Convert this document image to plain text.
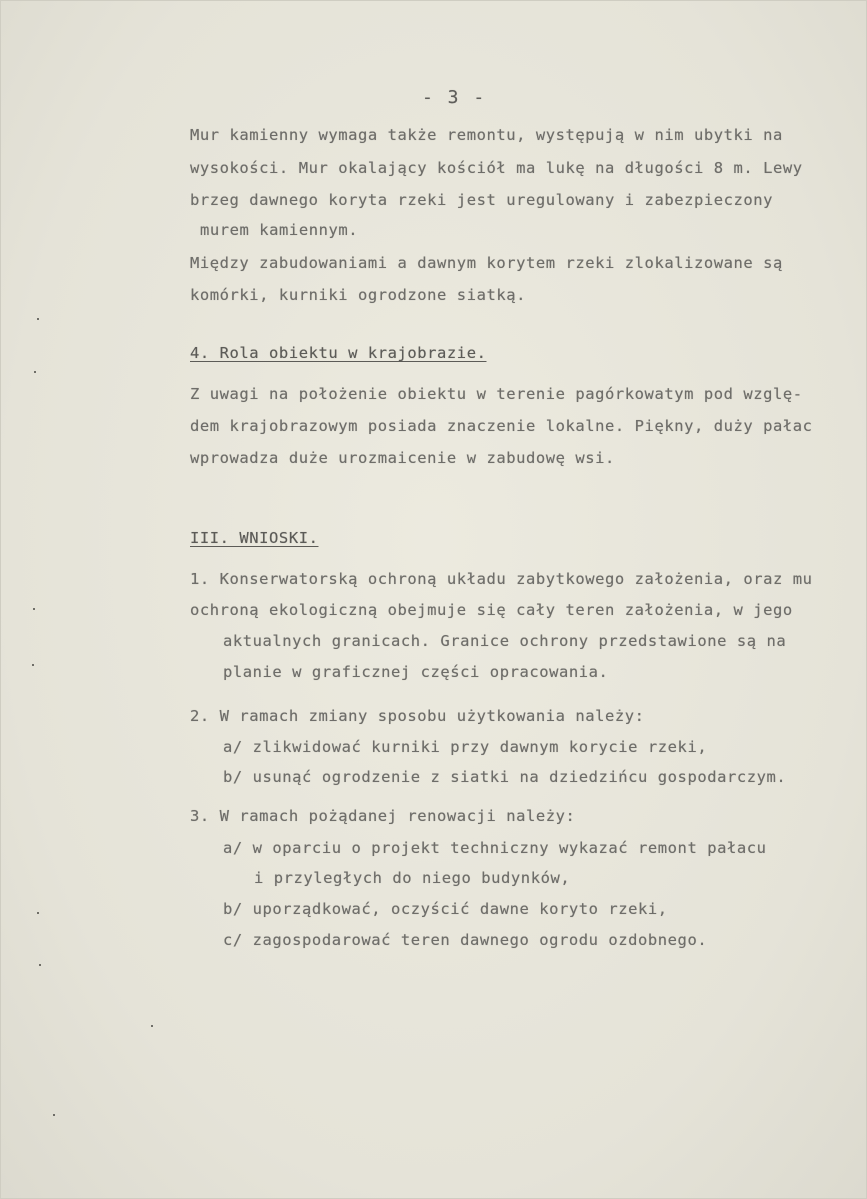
- 3 -
Mur kamienny wymaga także remontu, występują w nim ubytki na
wysokości. Mur okalający kościół ma lukę na długości 8 m. Lewy
brzeg dawnego koryta rzeki jest uregulowany i zabezpieczony
murem kamiennym.
Między zabudowaniami a dawnym korytem rzeki zlokalizowane są
komórki, kurniki ogrodzone siatką.
4. Rola obiektu w krajobrazie.
Z uwagi na położenie obiektu w terenie pagórkowatym pod wzglę-
dem krajobrazowym posiada znaczenie lokalne. Piękny, duży pałac
wprowadza duże urozmaicenie w zabudowę wsi.
III. WNIOSKI.
1. Konserwatorską ochroną układu zabytkowego założenia, oraz mu
ochroną ekologiczną obejmuje się cały teren założenia, w jego
aktualnych granicach. Granice ochrony przedstawione są na
planie w graficznej części opracowania.
2. W ramach zmiany sposobu użytkowania należy:
a/ zlikwidować kurniki przy dawnym korycie rzeki,
b/ usunąć ogrodzenie z siatki na dziedzińcu gospodarczym.
3. W ramach pożądanej renowacji należy:
a/ w oparciu o projekt techniczny wykazać remont pałacu
i przyległych do niego budynków,
b/ uporządkować, oczyścić dawne koryto rzeki,
c/ zagospodarować teren dawnego ogrodu ozdobnego.
